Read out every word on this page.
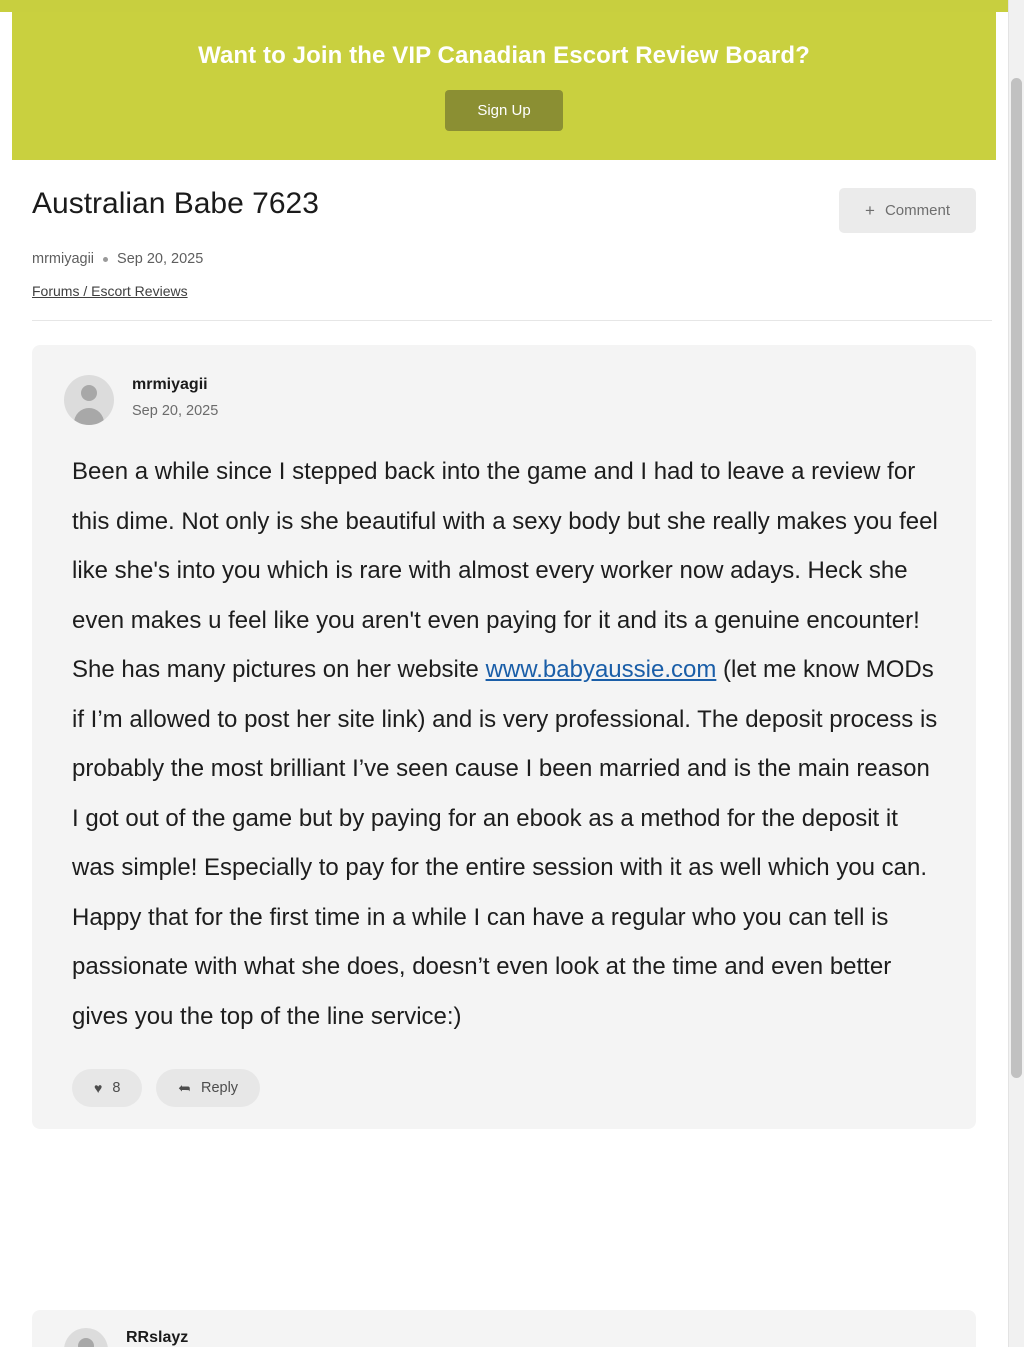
Want to Join the VIP Canadian Escort Review Board?
Sign Up
Australian Babe 7623	+ Comment
mrmiyagii Sep 20, 2025
Forums / Escort Reviews
mrmiyagii
Sep 20, 2025
Been a while since I stepped back into the game and I had to leave a review for this dime. Not only is she beautiful with a sexy body but she really makes you feel like she's into you which is rare with almost every worker now adays. Heck she even makes u feel like you aren't even paying for it and its a genuine encounter! She has many pictures on her website www.babyaussie.com (let me know MODs if I’m allowed to post her site link) and is very professional. The deposit process is probably the most brilliant I’ve seen cause I been married and is the main reason I got out of the game but by paying for an ebook as a method for the deposit it was simple! Especially to pay for the entire session with it as well which you can. Happy that for the first time in a while I can have a regular who you can tell is passionate with what she does, doesn’t even look at the time and even better gives you the top of the line service:)
♥ 8	➦ Reply
RRslayz
